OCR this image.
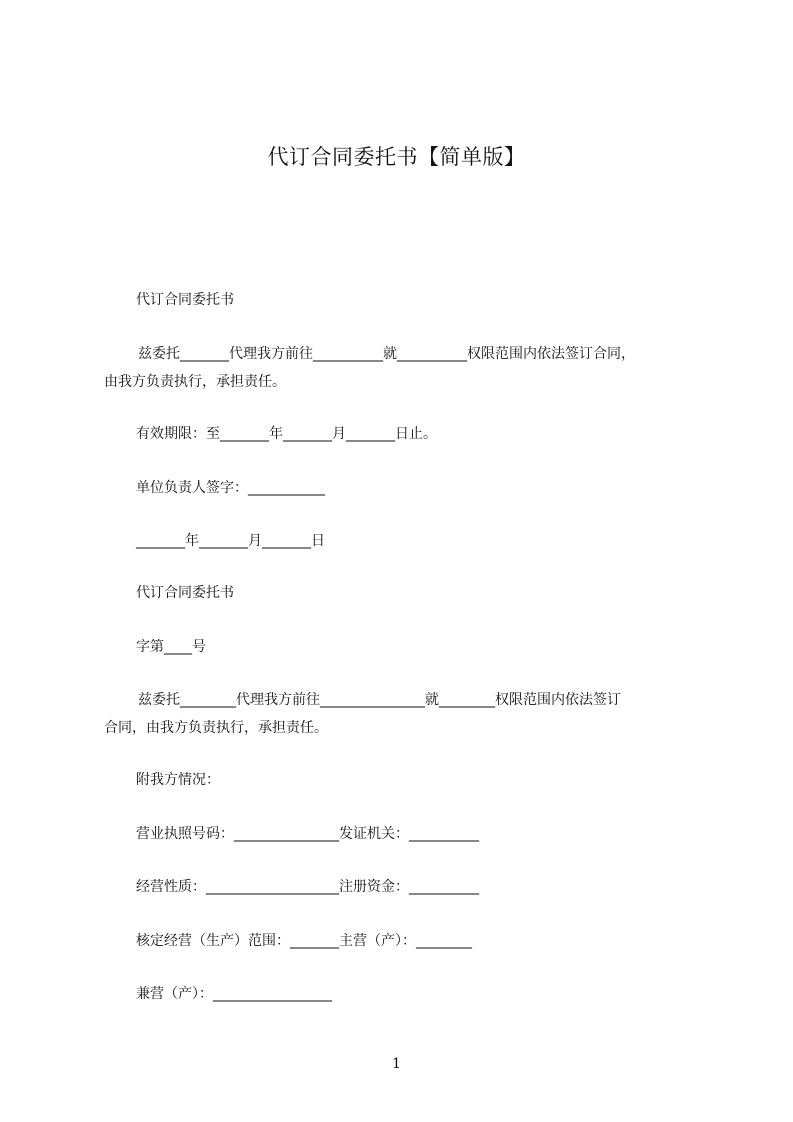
代订合同委托书【简单版】
代订合同委托书
兹委托_______代理我方前往__________就__________权限范围内依法签订合同，
由我方负责执行，承担责任。
有效期限：至_______年_______月_______日止。
单位负责人签字：___________
_______年_______月_______日
代订合同委托书
字第____号
兹委托________代理我方前往_______________就________权限范围内依法签订
合同，由我方负责执行，承担责任。
附我方情况：
营业执照号码：_______________发证机关：__________
经营性质：___________________注册资金：__________
核定经营（生产）范围：_______主营（产）：________
兼营（产）：_________________
1
